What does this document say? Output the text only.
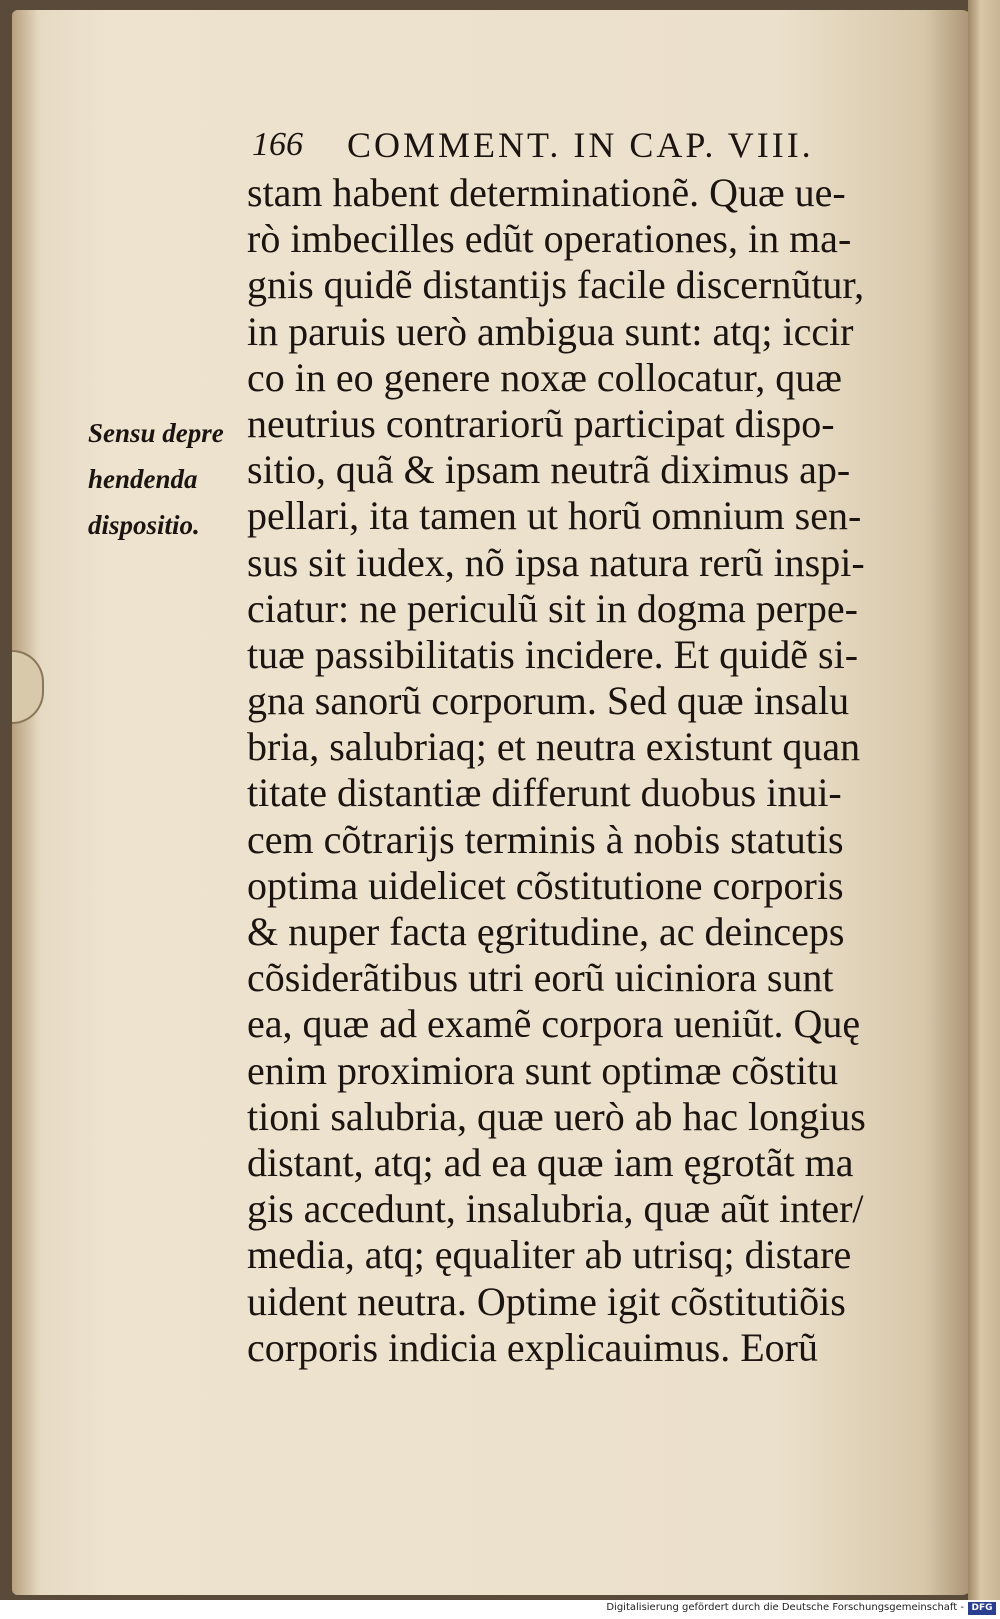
166 COMMENT. IN CAP. VIII.
Sensu depre
hendenda
dispositio.
stam habent determinationẽ. Quæ ue-
rò imbecilles edũt operationes, in ma-
gnis quidẽ distantijs facile discernũtur,
in paruis uerò ambigua sunt: atq; iccir
co in eo genere noxæ collocatur, quæ
neutrius contrariorũ participat dispo-
sitio, quã & ipsam neutrã diximus ap-
pellari, ita tamen ut horũ omnium sen-
sus sit iudex, nõ ipsa natura rerũ inspi-
ciatur: ne periculũ sit in dogma perpe-
tuæ passibilitatis incidere. Et quidẽ si-
gna sanorũ corporum. Sed quæ insalu
bria, salubriaq; et neutra existunt quan
titate distantiæ differunt duobus inui-
cem cõtrarijs terminis à nobis statutis
optima uidelicet cõstitutione corporis
& nuper facta ęgritudine, ac deinceps
cõsiderãtibus utri eorũ uiciniora sunt
ea, quæ ad examẽ corpora ueniũt. Quę
enim proximiora sunt optimæ cõstitu
tioni salubria, quæ uerò ab hac longius
distant, atq; ad ea quæ iam ęgrotãt ma
gis accedunt, insalubria, quæ aũt inter/
media, atq; ęqualiter ab utrisq; distare
uident neutra. Optime igit cõstitutiõis
corporis indicia explicauimus. Eorũ
Digitalisierung gefördert durch die Deutsche Forschungsgemeinschaft - DFG
